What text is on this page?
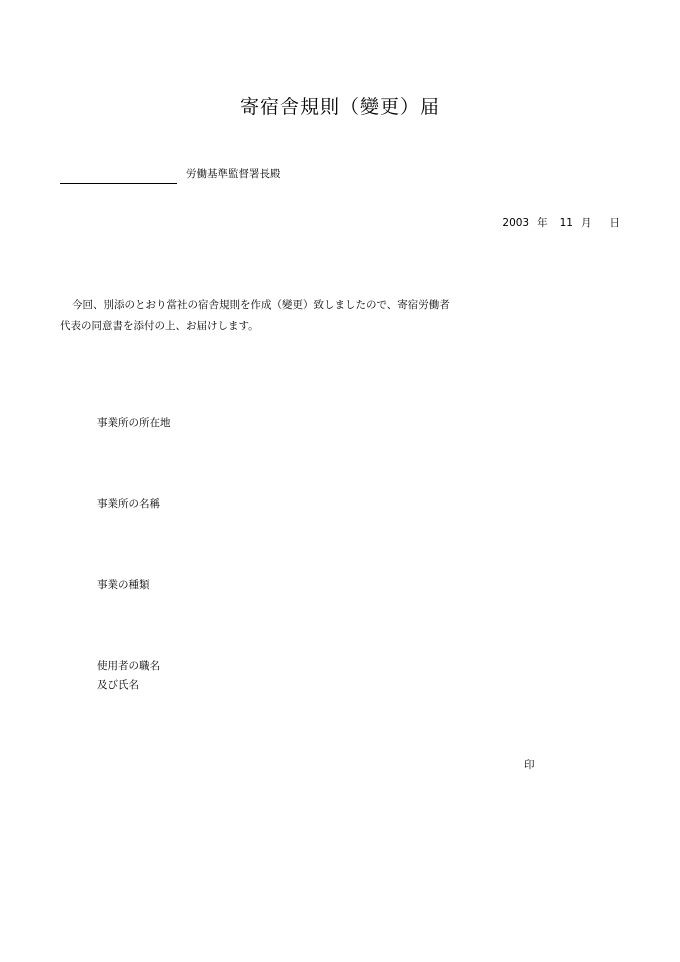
寄宿舎規則（變更）届
労働基準監督署長殿
2003 年 11 月 日
今回、別添のとおり當社の宿舎規則を作成（變更）致しましたので、寄宿労働者
代表の同意書を添付の上、お届けします。
事業所の所在地
事業所の名稱
事業の種類
使用者の職名
及び氏名
印
